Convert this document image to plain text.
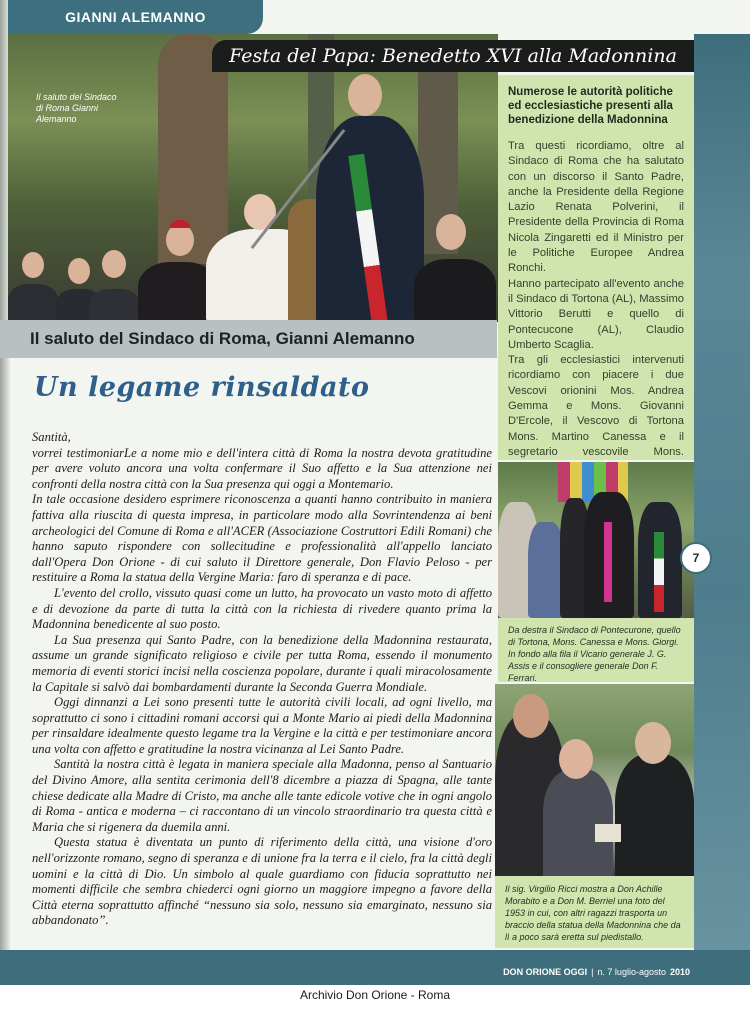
Il saluto del Sindaco di Roma Gianni Alemanno
GIANNI ALEMANNO
Festa del Papa: Benedetto XVI alla Madonnina
Numerose le autorità politiche ed ecclesiastiche presenti alla benedizione della Madonnina

Tra questi ricordiamo, oltre al Sindaco di Roma che ha salutato con un discorso il Santo Padre, anche la Presidente della Regione Lazio Renata Polverini, il Presidente della Provincia di Roma Nicola Zingaretti ed il Ministro per le Politiche Europee Andrea Ronchi.

Hanno partecipato all'evento anche il Sindaco di Tortona (AL), Massimo Vittorio Berutti e quello di Pontecucone (AL), Claudio Umberto Scaglia.

Tra gli ecclesiastici intervenuti ricordiamo con piacere i due Vescovi orionini Mos. Andrea Gemma e Mons. Giovanni D'Ercole, il Vescovo di Tortona Mons. Martino Canessa e il segretario vescovile Mons.

Il saluto del Sindaco di Roma, Gianni Alemanno
Un legame rinsaldato

Santità,

vorrei testimoniarLe a nome mio e dell'intera città di Roma la nostra devota gratitudine per avere voluto ancora una volta confermare il Suo affetto e la Sua attenzione nei confronti della nostra città con la Sua presenza qui oggi a Montemario.

In tale occasione desidero esprimere riconoscenza a quanti hanno contribuito in maniera fattiva alla riuscita di questa impresa, in particolare modo alla Sovrintendenza ai beni archeologici del Comune di Roma e all'ACER (Associazione Costruttori Edili Romani) che hanno saputo rispondere con sollecitudine e professionalità all'appello lanciato dall'Opera Don Orione - di cui saluto il Direttore generale, Don Flavio Peloso - per restituire a Roma la statua della Vergine Maria: faro di speranza e di pace.

L'evento del crollo, vissuto quasi come un lutto, ha provocato un vasto moto di affetto e di devozione da parte di tutta la città con la richiesta di rivedere quanto prima la Madonnina benedicente al suo posto.

La Sua presenza qui Santo Padre, con la benedizione della Madonnina restaurata, assume un grande significato religioso e civile per tutta Roma, essendo il monumento memoria di eventi storici incisi nella coscienza popolare, durante i quali miracolosamente la Capitale si salvò dai bombardamenti durante la Seconda Guerra Mondiale.

Oggi dinnanzi a Lei sono presenti tutte le autorità civili locali, ad ogni livello, ma soprattutto ci sono i cittadini romani accorsi qui a Monte Mario ai piedi della Madonnina per rinsaldare idealmente questo legame tra la Vergine e la città e per testimoniare ancora una volta con affetto e gratitudine la nostra vicinanza al Lei Santo Padre.

Santità la nostra città è legata in maniera speciale alla Madonna, penso al Santuario del Divino Amore, alla sentita cerimonia dell'8 dicembre a piazza di Spagna, alle tante chiese dedicate alla Madre di Cristo, ma anche alle tante edicole votive che in ogni angolo di Roma - antica e moderna – ci raccontano di un vincolo straordinario tra questa città e Maria che si rigenera da duemila anni.

Questa statua è diventata un punto di riferimento della città, una visione d'oro nell'orizzonte romano, segno di speranza e di unione fra la terra e il cielo, fra la città degli uomini e la città di Dio. Un simbolo al quale guardiamo con fiducia soprattutto nei momenti difficile che sembra chiederci ogni giorno un maggiore impegno a favore della Città eterna soprattutto affinché “nessuno sia solo, nessuno sia emarginato, nessuno sia abbandonato”.

Da destra il Sindaco di Pontecurone, quello di Tortona, Mons. Canessa e Mons. Giorgi. In fondo alla fila il Vicario generale J. G. Assis e il consogliere generale Don F. Ferrari.
7
Il sig. Virgilio Ricci mostra a Don Achille Morabito e a Don M. Berriel una foto del 1953 in cui, con altri ragazzi trasporta un braccio della statua della Madonnina che da lì a poco sarà eretta sul piedistallo.
DON ORIONE OGGI | n. 7 luglio-agosto 2010
Archivio Don Orione - Roma
